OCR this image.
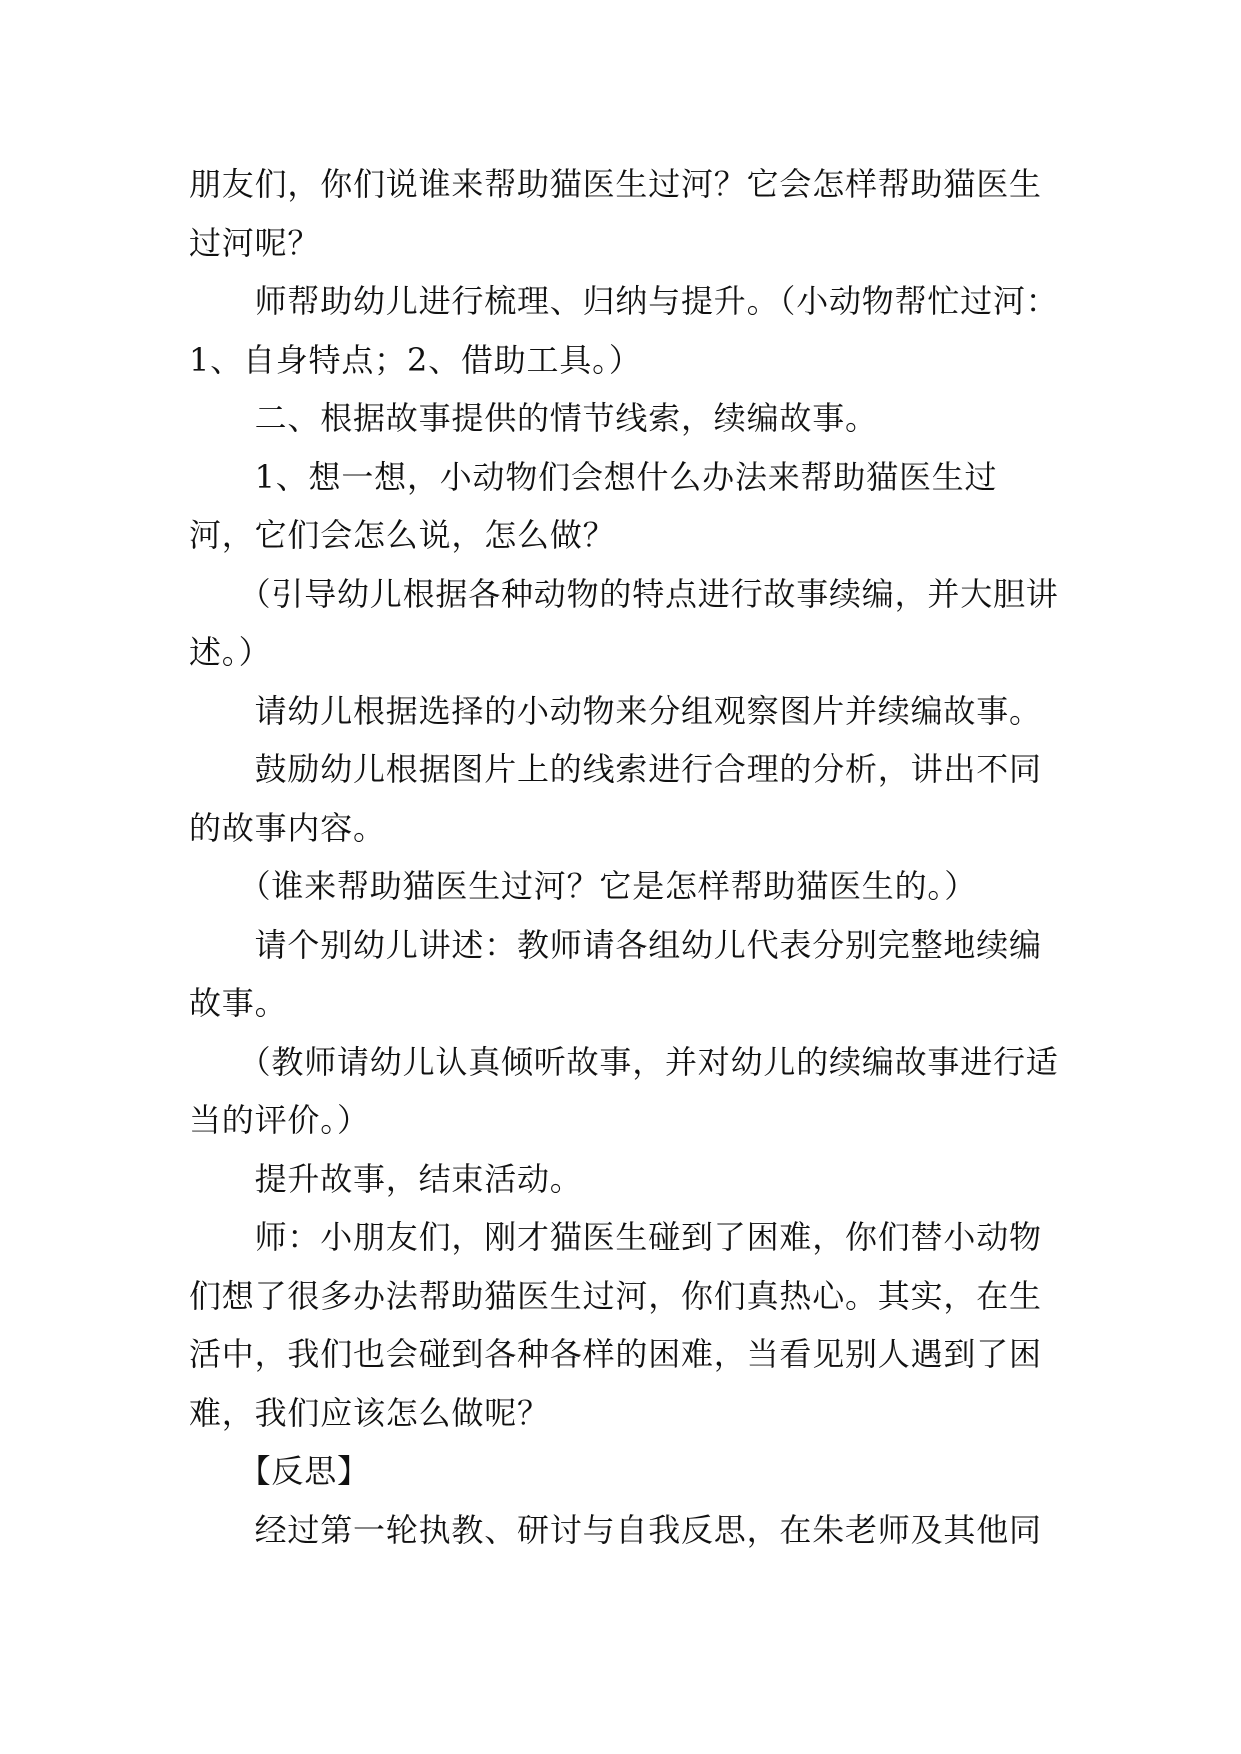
朋友们，你们说谁来帮助猫医生过河？它会怎样帮助猫医生过河呢？

　　师帮助幼儿进行梳理、归纳与提升。（小动物帮忙过河：1、自身特点；2、借助工具。）

　　二、根据故事提供的情节线索，续编故事。

　　1、想一想，小动物们会想什么办法来帮助猫医生过河，它们会怎么说，怎么做？

　　（引导幼儿根据各种动物的特点进行故事续编，并大胆讲述。）

　　请幼儿根据选择的小动物来分组观察图片并续编故事。

　　鼓励幼儿根据图片上的线索进行合理的分析，讲出不同的故事内容。

　　（谁来帮助猫医生过河？它是怎样帮助猫医生的。）

　　请个别幼儿讲述：教师请各组幼儿代表分别完整地续编故事。

　　（教师请幼儿认真倾听故事，并对幼儿的续编故事进行适当的评价。）

　　提升故事，结束活动。

　　师：小朋友们，刚才猫医生碰到了困难，你们替小动物们想了很多办法帮助猫医生过河，你们真热心。其实，在生活中，我们也会碰到各种各样的困难，当看见别人遇到了困难，我们应该怎么做呢？

　　【反思】

　　经过第一轮执教、研讨与自我反思，在朱老师及其他同
